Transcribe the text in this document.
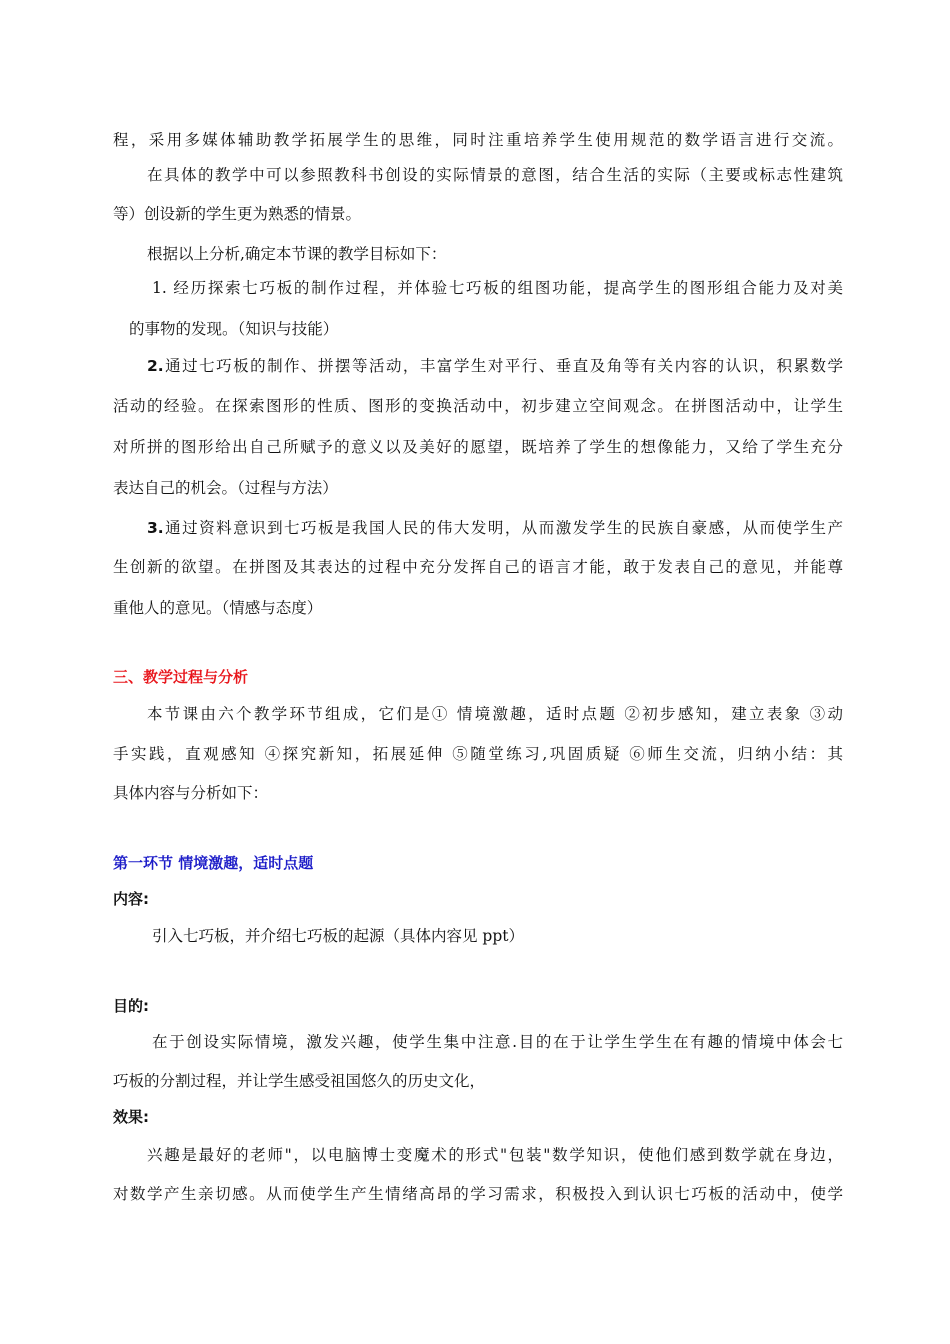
程，采用多媒体辅助教学拓展学生的思维，同时注重培养学生使用规范的数学语言进行交流。
在具体的教学中可以参照教科书创设的实际情景的意图，结合生活的实际（主要或标志性建筑
等）创设新的学生更为熟悉的情景。
根据以上分析,确定本节课的教学目标如下：
1. 经历探索七巧板的制作过程，并体验七巧板的组图功能，提高学生的图形组合能力及对美
的事物的发现。（知识与技能）
2.通过七巧板的制作、拼摆等活动，丰富学生对平行、垂直及角等有关内容的认识，积累数学
活动的经验。在探索图形的性质、图形的变换活动中，初步建立空间观念。在拼图活动中，让学生
对所拼的图形给出自己所赋予的意义以及美好的愿望，既培养了学生的想像能力，又给了学生充分
表达自己的机会。（过程与方法）
3.通过资料意识到七巧板是我国人民的伟大发明，从而激发学生的民族自豪感，从而使学生产
生创新的欲望。在拼图及其表达的过程中充分发挥自己的语言才能，敢于发表自己的意见，并能尊
重他人的意见。（情感与态度）
三、教学过程与分析
本节课由六个教学环节组成，它们是① 情境激趣，适时点题 ②初步感知，建立表象 ③动
手实践，直观感知 ④探究新知，拓展延伸 ⑤随堂练习,巩固质疑 ⑥师生交流，归纳小结：其
具体内容与分析如下：
第一环节 情境激趣，适时点题
内容:
引入七巧板，并介绍七巧板的起源（具体内容见 ppt）
目的:
在于创设实际情境，激发兴趣，使学生集中注意.目的在于让学生学生在有趣的情境中体会七
巧板的分割过程，并让学生感受祖国悠久的历史文化，
效果:
兴趣是最好的老师"，以电脑博士变魔术的形式"包装"数学知识，使他们感到数学就在身边，
对数学产生亲切感。从而使学生产生情绪高昂的学习需求，积极投入到认识七巧板的活动中，使学
